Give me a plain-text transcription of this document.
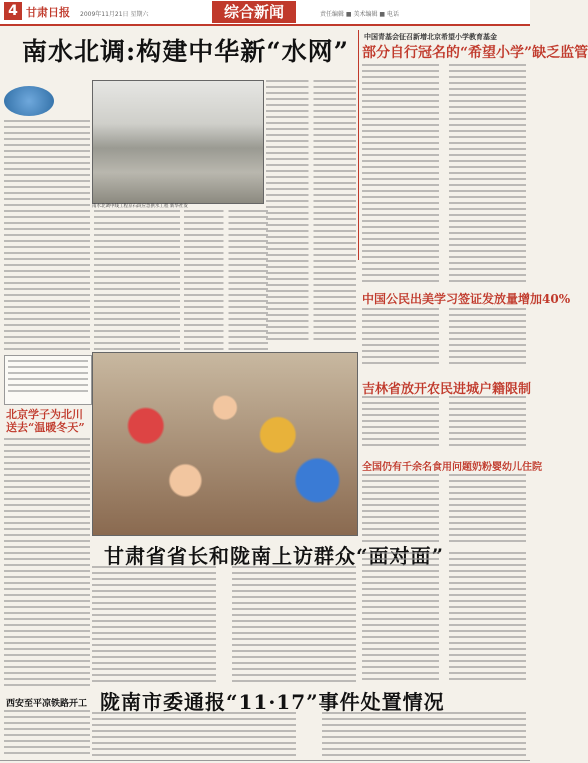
4 甘肃日报 2009年11月21日 星期六	综合新闻	责任编辑 ■ 美术编辑 ■ 电话
南水北调:构建中华新“水网”
南水北调中线工程京石段应急供水工程 新华社发
中国青基会征召新增北京希望小学教育基金
部分自行冠名的“希望小学”缺乏监管
中国公民出美学习签证发放量增加40%
吉林省放开农民进城户籍限制
全国仍有千余名食用问题奶粉婴幼儿住院
北京学子为北川送去“温暖冬天”
甘肃省省长和陇南上访群众“面对面”
西安至平凉铁路开工 陇南市委通报“11·17”事件处置情况
